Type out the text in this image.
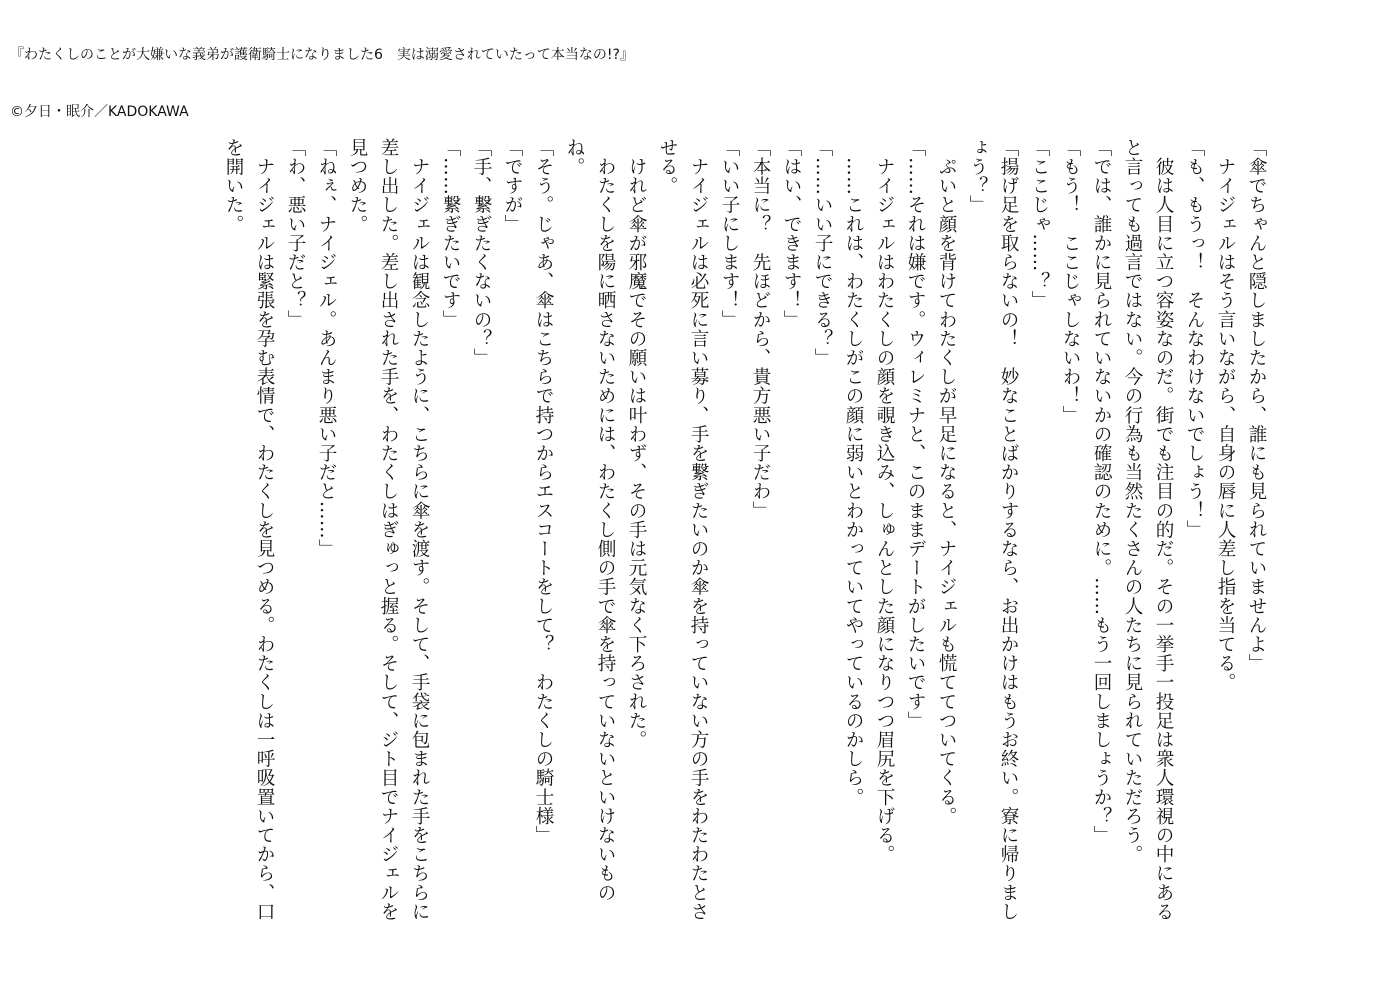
『わたくしのことが大嫌いな義弟が護衛騎士になりました6　実は溺愛されていたって本当なの!?』

©夕日・眠介／KADOKAWA

「傘でちゃんと隠しましたから、誰にも見られていませんよ」

　ナイジェルはそう言いながら、自身の唇に人差し指を当てる。

「も、もうっ！　そんなわけないでしょう！」

　彼は人目に立つ容姿なのだ。街でも注目の的だ。その一挙手一投足は衆人環視の中にあると言っても過言ではない。今の行為も当然たくさんの人たちに見られていただろう。

「では、誰かに見られていないかの確認のために。……もう一回しましょうか？」

「もう！　ここじゃしないわ！」

「ここじゃ……？」

「揚げ足を取らないの！　妙なことばかりするなら、お出かけはもうお終い。寮に帰りましょう？」

　ぷいと顔を背けてわたくしが早足になると、ナイジェルも慌ててついてくる。

「……それは嫌です。ウィレミナと、このままデートがしたいです」

　ナイジェルはわたくしの顔を覗き込み、しゅんとした顔になりつつ眉尻を下げる。

　……これは、わたくしがこの顔に弱いとわかっていてやっているのかしら。

「……いい子にできる？」

「はい、できます！」

「本当に？　先ほどから、貴方悪い子だわ」

「いい子にします！」

　ナイジェルは必死に言い募り、手を繋ぎたいのか傘を持っていない方の手をわたわたとさせる。

　けれど傘が邪魔でその願いは叶わず、その手は元気なく下ろされた。

　わたくしを陽に晒さないためには、わたくし側の手で傘を持っていないといけないものね。

「そう。じゃあ、傘はこちらで持つからエスコートをして？　わたくしの騎士様」

「ですが」

「手、繋ぎたくないの？」

「……繋ぎたいです」

　ナイジェルは観念したように、こちらに傘を渡す。そして、手袋に包まれた手をこちらに差し出した。差し出された手を、わたくしはぎゅっと握る。そして、ジト目でナイジェルを見つめた。

「ねぇ、ナイジェル。あんまり悪い子だと……」

「わ、悪い子だと？」

　ナイジェルは緊張を孕む表情で、わたくしを見つめる。わたくしは一呼吸置いてから、口を開いた。
